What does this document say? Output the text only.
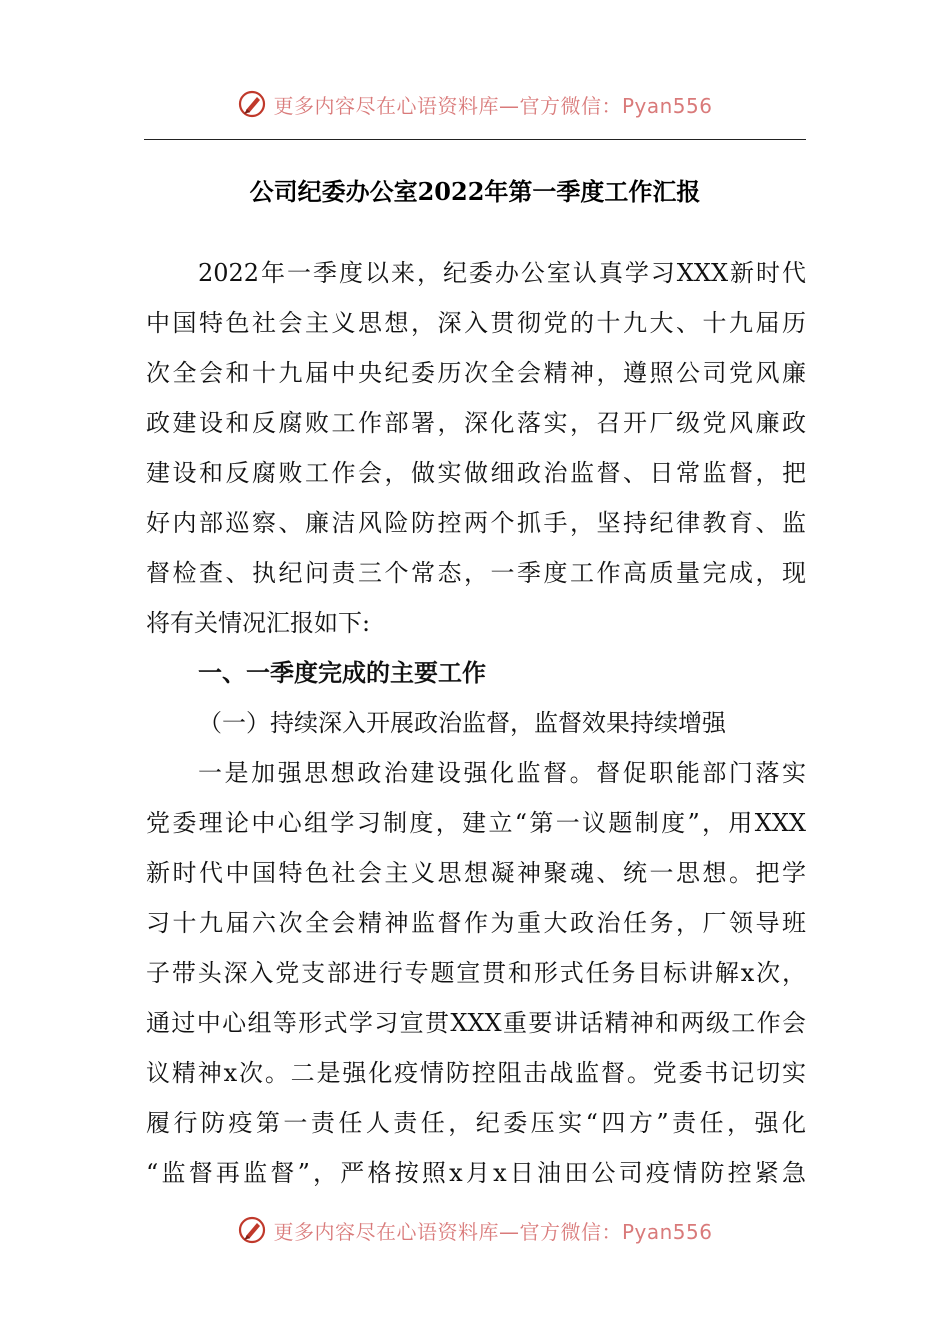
更多内容尽在心语资料库—官方微信：Pyan556
公司纪委办公室2022年第一季度工作汇报
2022年一季度以来，纪委办公室认真学习XXX新时代
中国特色社会主义思想，深入贯彻党的十九大、十九届历
次全会和十九届中央纪委历次全会精神，遵照公司党风廉
政建设和反腐败工作部署，深化落实，召开厂级党风廉政
建设和反腐败工作会，做实做细政治监督、日常监督，把
好内部巡察、廉洁风险防控两个抓手，坚持纪律教育、监
督检查、执纪问责三个常态，一季度工作高质量完成，现
将有关情况汇报如下:
一、一季度完成的主要工作
（一）持续深入开展政治监督，监督效果持续增强
一是加强思想政治建设强化监督。督促职能部门落实
党委理论中心组学习制度，建立“第一议题制度”，用XXX
新时代中国特色社会主义思想凝神聚魂、统一思想。把学
习十九届六次全会精神监督作为重大政治任务，厂领导班
子带头深入党支部进行专题宣贯和形式任务目标讲解x次，
通过中心组等形式学习宣贯XXX重要讲话精神和两级工作会
议精神x次。二是强化疫情防控阻击战监督。党委书记切实
履行防疫第一责任人责任，纪委压实“四方”责任，强化
“监督再监督”，严格按照x月x日油田公司疫情防控紧急
更多内容尽在心语资料库—官方微信：Pyan556
